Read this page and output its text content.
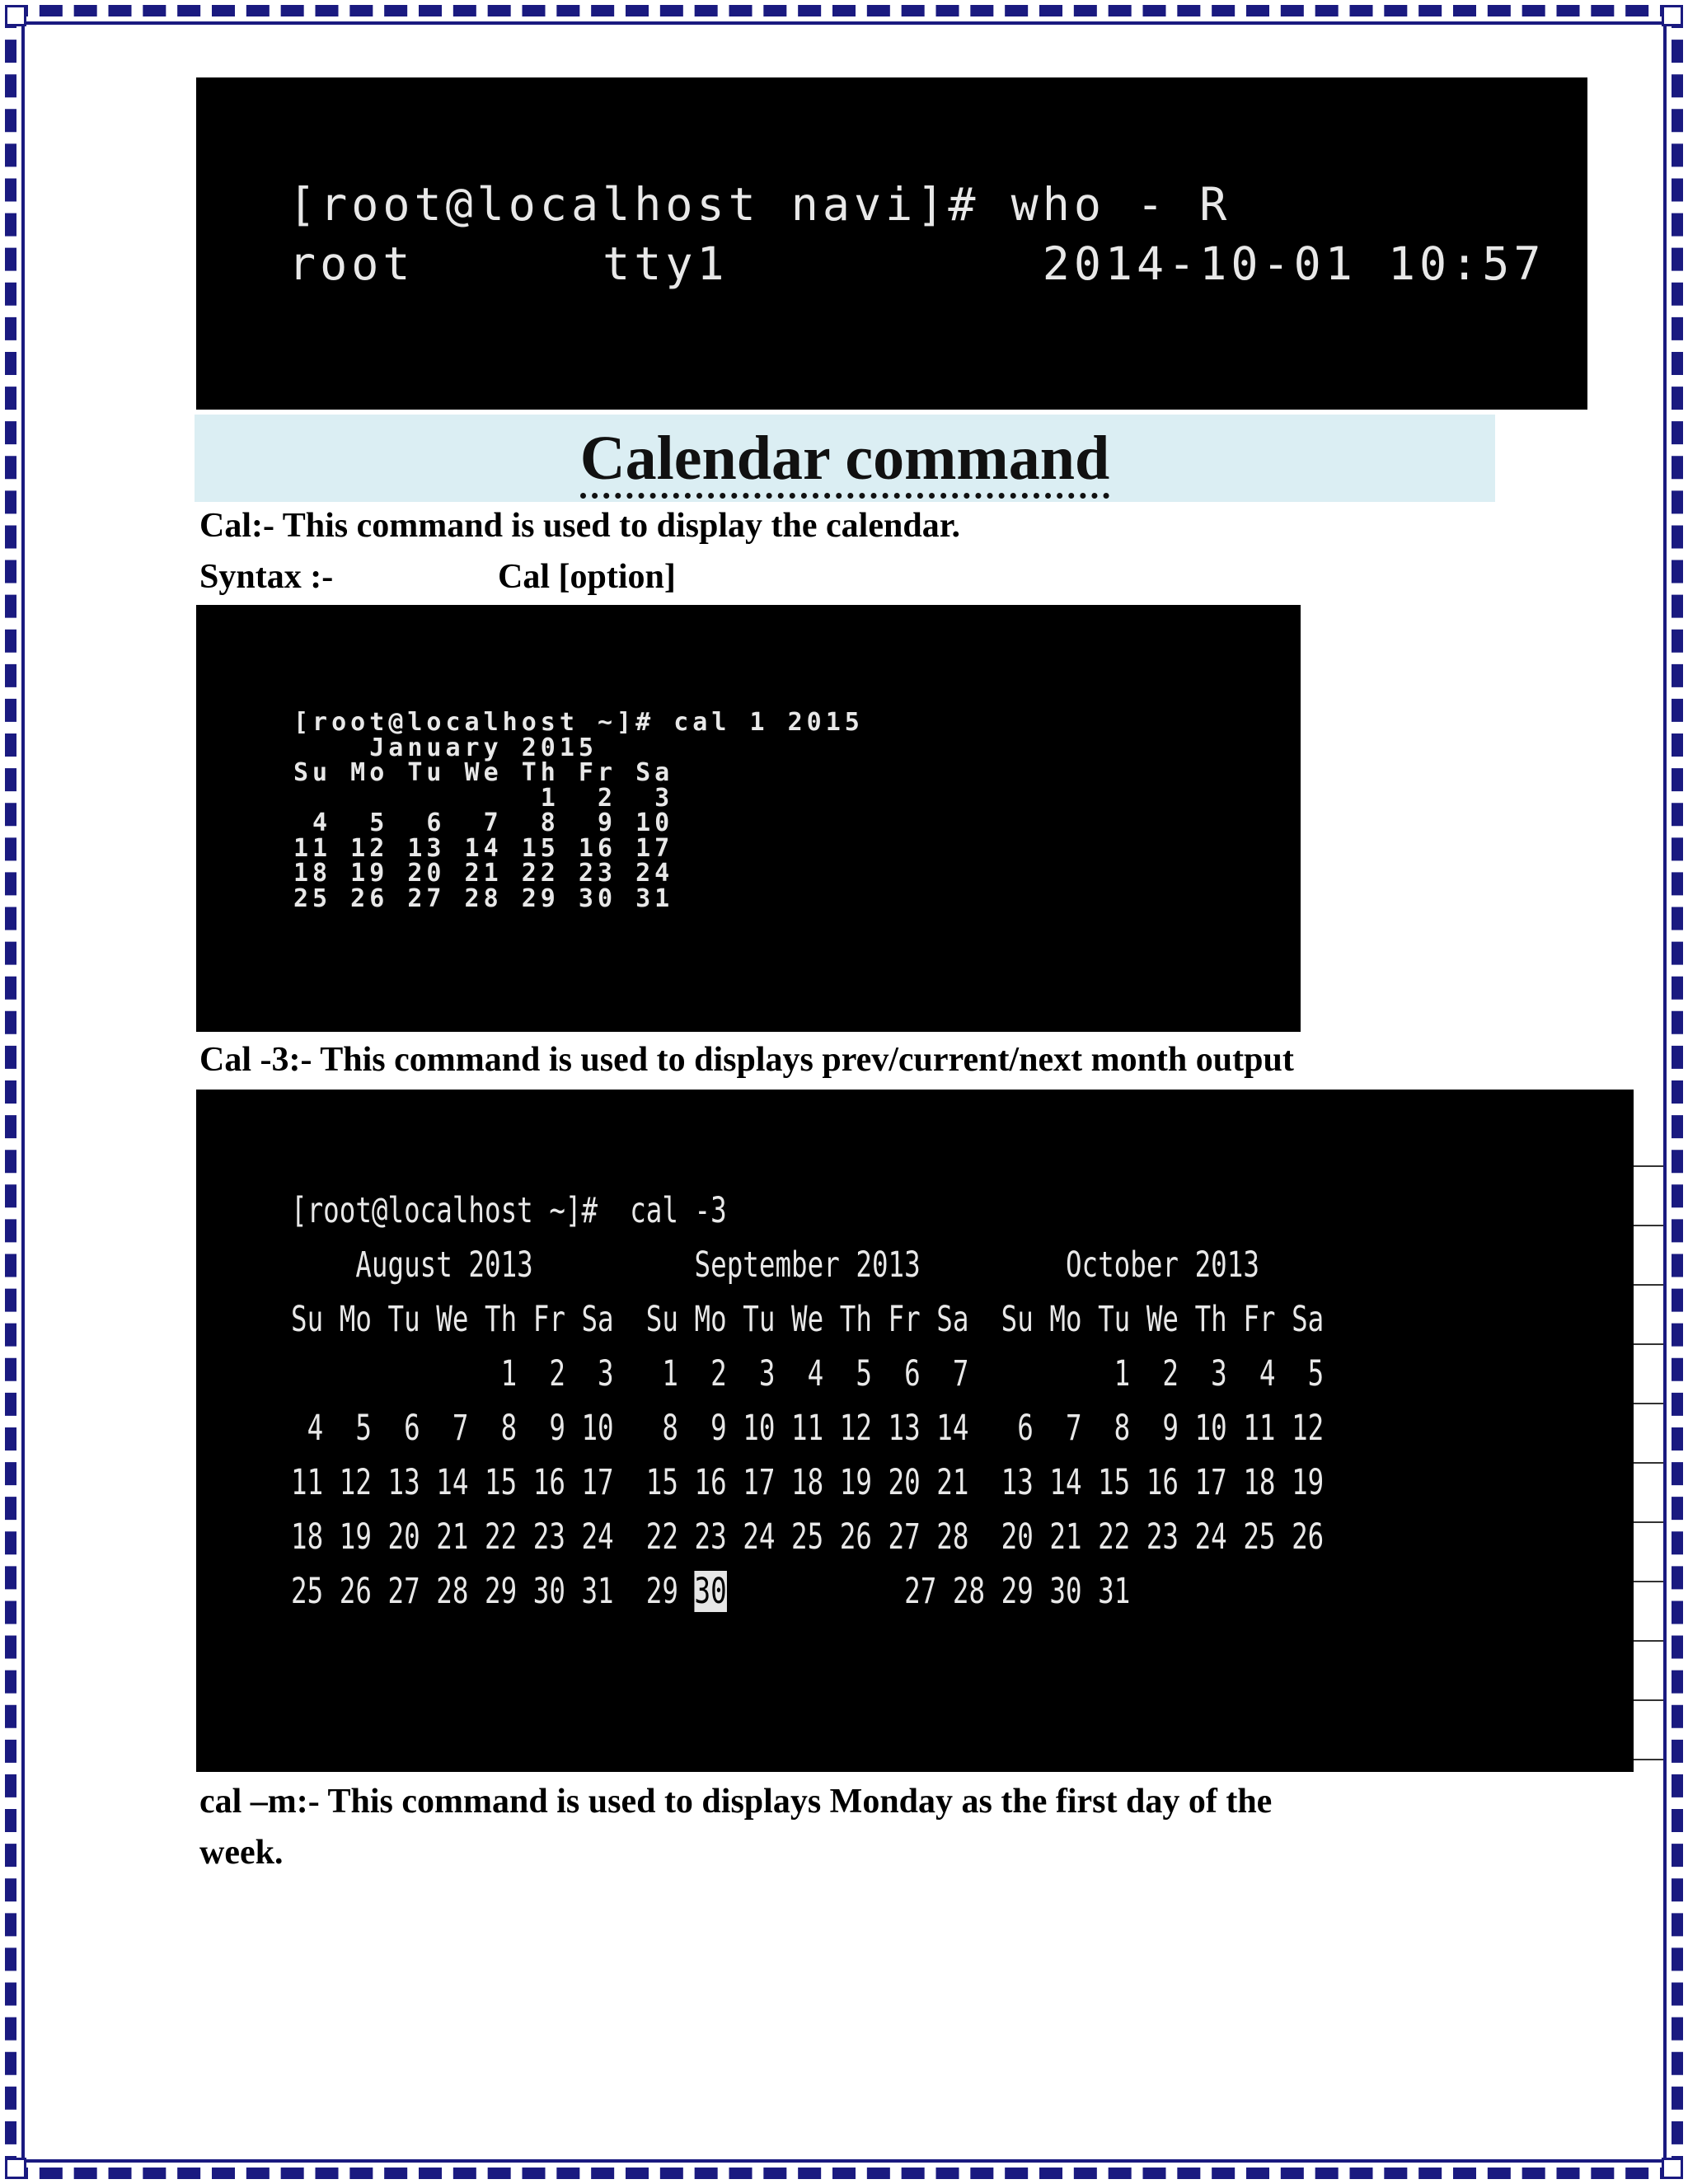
[root@localhost navi]# who - R
root      tty1          2014-10-01 10:57
Calendar command
Cal:- This command is used to display the calendar.
Syntax :-	Cal [option]
[root@localhost ~]# cal 1 2015
January 2015
Su Mo Tu We Th Fr Sa
1  2  3
4  5  6  7  8  9 10
11 12 13 14 15 16 17
18 19 20 21 22 23 24
25 26 27 28 29 30 31
Cal -3:- This command is used to displays prev/current/next month output
[root@localhost ~]#  cal -3
August 2013          September 2013         October 2013
Su Mo Tu We Th Fr Sa  Su Mo Tu We Th Fr Sa  Su Mo Tu We Th Fr Sa
1  2  3   1  2  3  4  5  6  7         1  2  3  4  5
4  5  6  7  8  9 10   8  9 10 11 12 13 14   6  7  8  9 10 11 12
11 12 13 14 15 16 17  15 16 17 18 19 20 21  13 14 15 16 17 18 19
18 19 20 21 22 23 24  22 23 24 25 26 27 28  20 21 22 23 24 25 26
25 26 27 28 29 30 31  29 30           27 28 29 30 31
cal –m:- This command is used to displays Monday as the first day of the
week.
